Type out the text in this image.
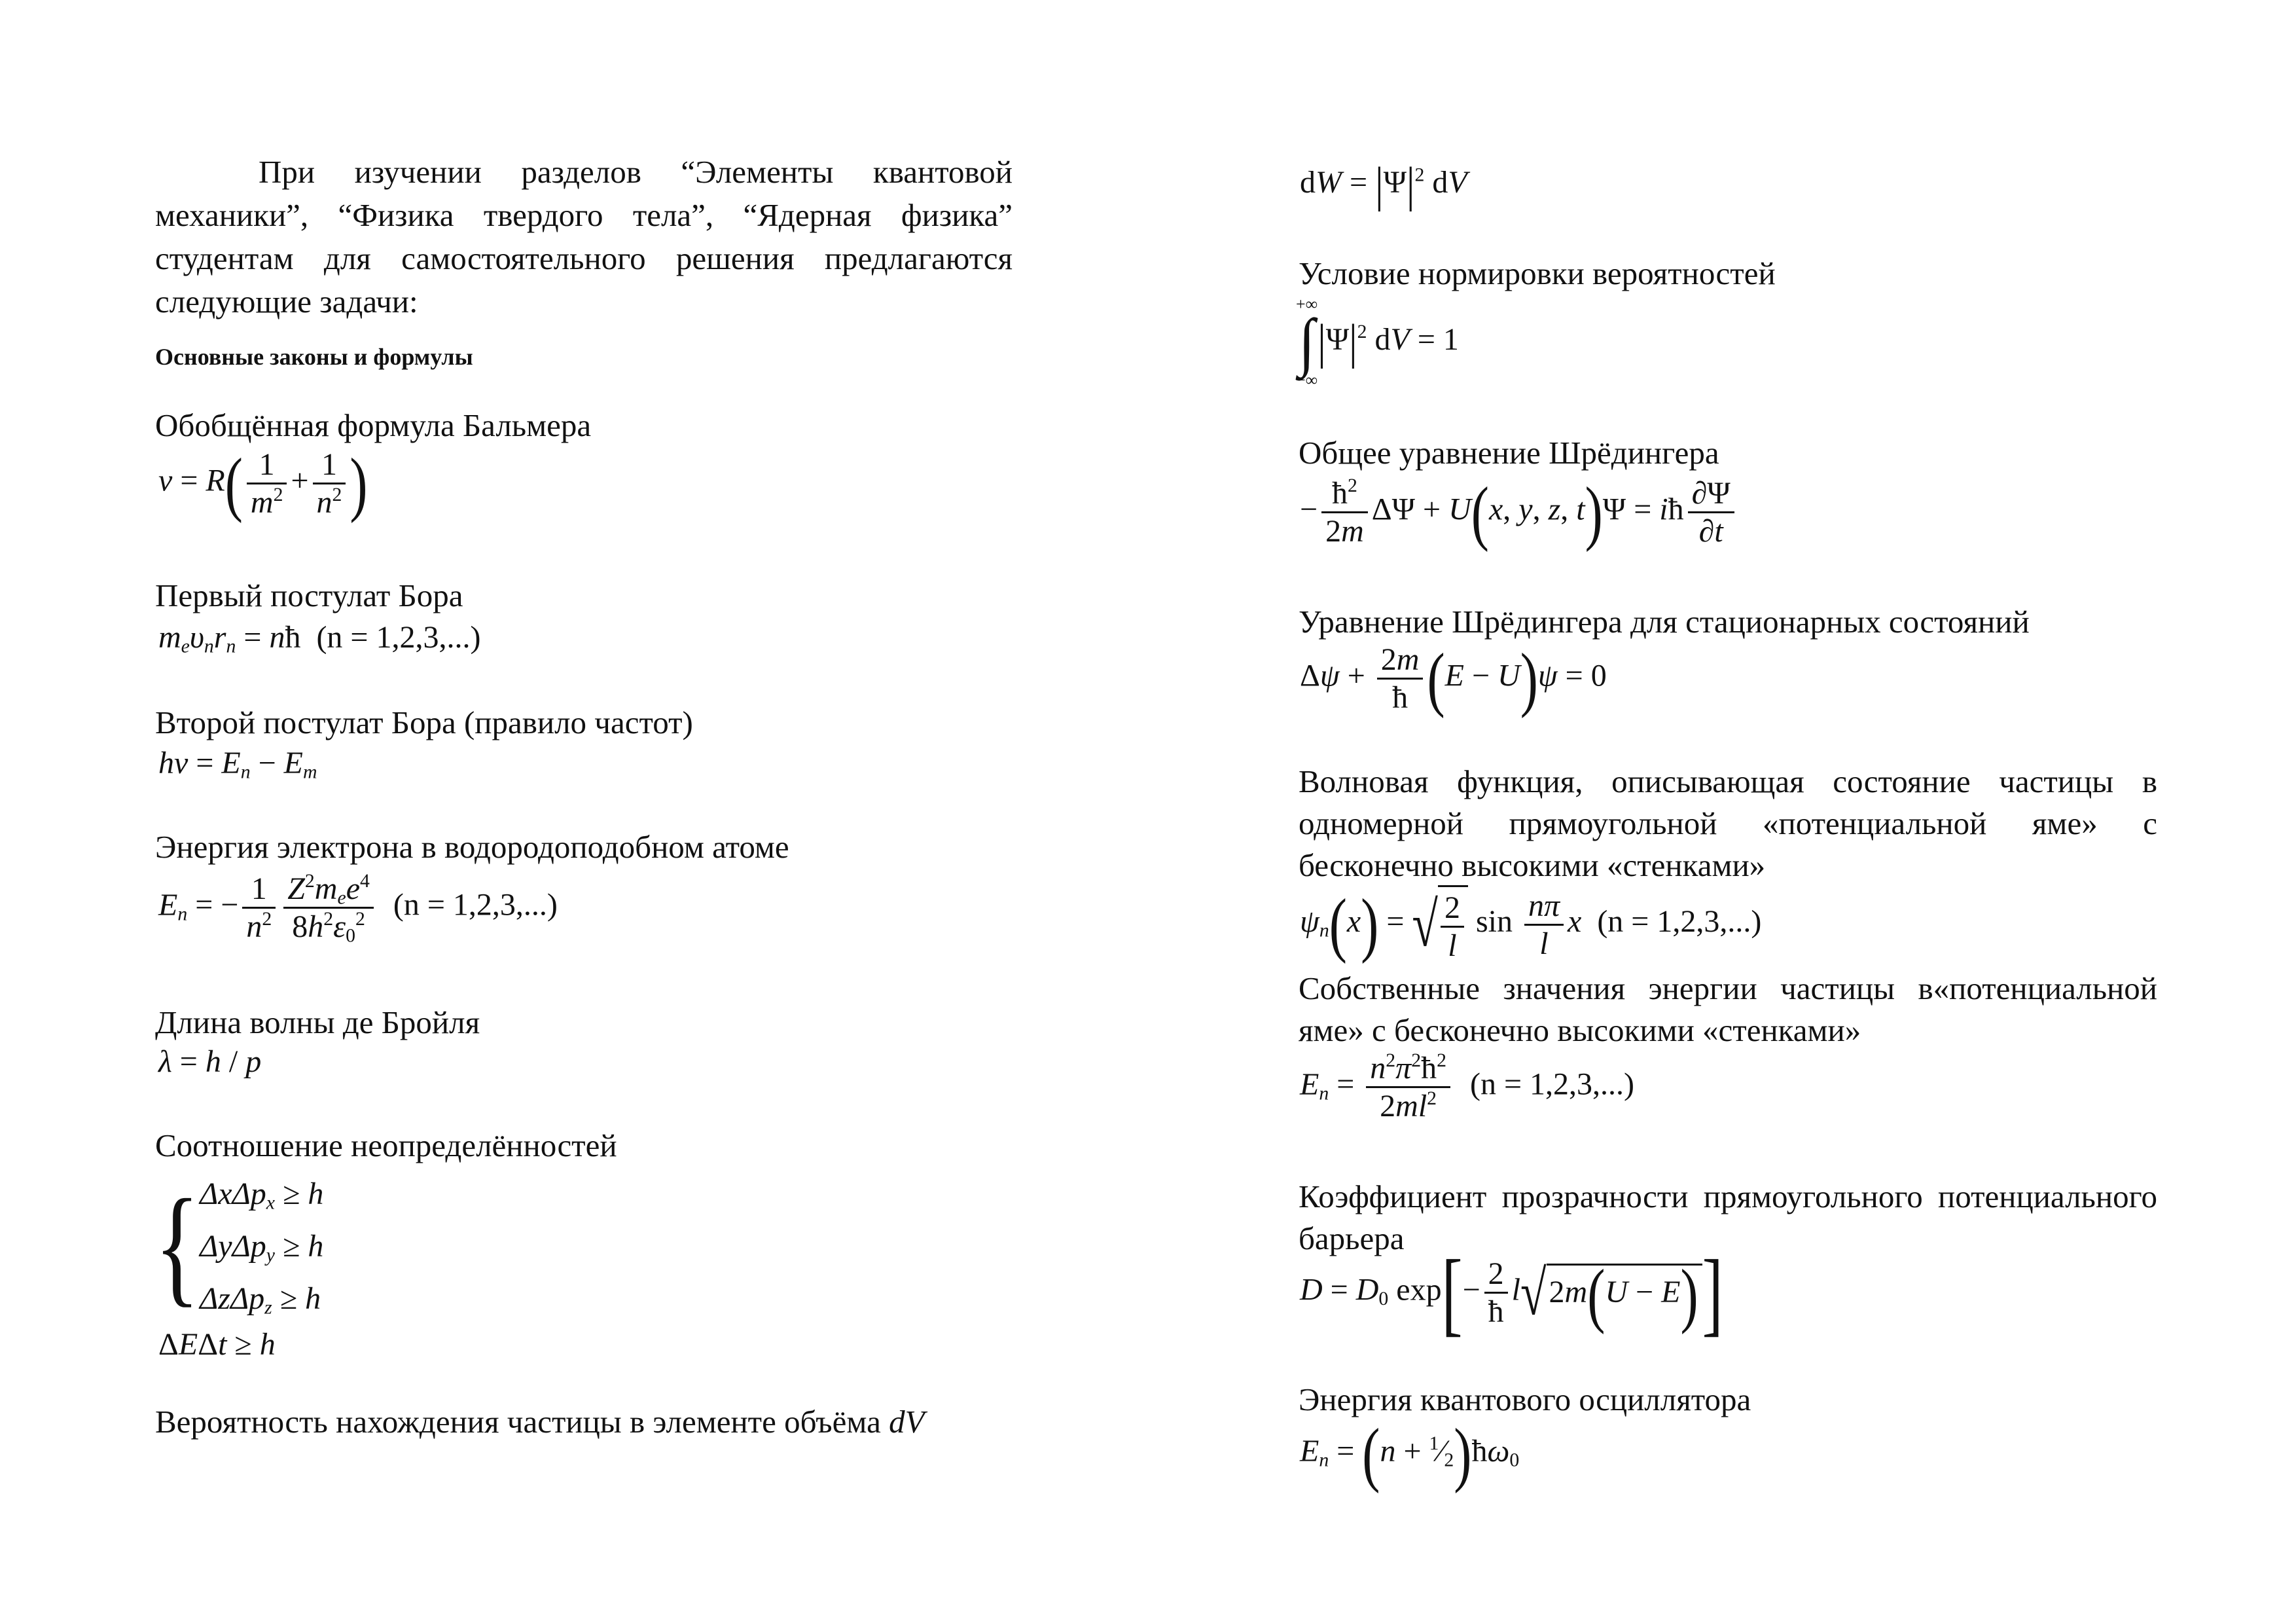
При изучении разделов “Элементы квантовой механики”, “Физика твердого тела”, “Ядерная физика” студентам для самостоятельного решения предлагаются следующие задачи:
Основные законы и формулы
Обобщённая формула Бальмера
$\nu = R( \frac{1}{m^2} + \frac{1}{n^2}$ )
Первый постулат Бора
$m_e\upsilon_nr_n$ = nħ  (n = 1,2,3,...)
Второй постулат Бора (правило частот)
$h\nu = E_n - E_m$
Энергия электрона в водородоподобном атоме
$E_n$ = − $\frac{1}{n^2} \frac{Z^2m_ee^4}{8h^2\varepsilon_0^2} (n = 1,2,3,...)$
Длина волны де Бройля
λ = h / p
Соотношение неопределённостей
{ ΔxΔp$_x$ ≥ h
ΔyΔp$_y$ ≥ h
ΔzΔp$_z$ ≥ h
ΔEΔt ≥ h
Вероятность нахождения частицы в элементе объёма dV
dW = $|\Psi|^2$ dV
Условие нормировки вероятностей
+∞
∫
−∞
$|\Psi|^2$ dV = 1
Общее уравнение Шрёдингера
− $\frac{ħ^2}{2m}$ ΔΨ + U(x, y, z, t)Ψ = iħ $\frac{\partial\Psi}{\partial t}$
Уравнение Шрёдингера для стационарных состояний
$\Delta\psi + \frac{2m}{ħ} (E - U)\psi = 0$
Волновая функция, описывающая состояние частицы в одномерной прямоугольной «потенциальной яме» с бесконечно высокими «стенками»
$\psi_n(x)$ = √ $\frac{2}{l}$ $\sin \frac{n\pi}{l}$ x (n = 1,2,3,...)
Собственные значения энергии частицы в«потенциальной яме» с бесконечно высокими «стенками»
$E_n = \frac{n^2\pi^2ħ^2}{2ml^2} (n = 1,2,3,...)$
Коэффициент прозрачности прямоугольного потенциального барьера
$D = D_0$ $\exp[- \frac{2}{ħ} l√2m(U - E)]$
Энергия квантового осциллятора
$E_n = (n$ + $^1⁄_2)ħ\omega_0$
